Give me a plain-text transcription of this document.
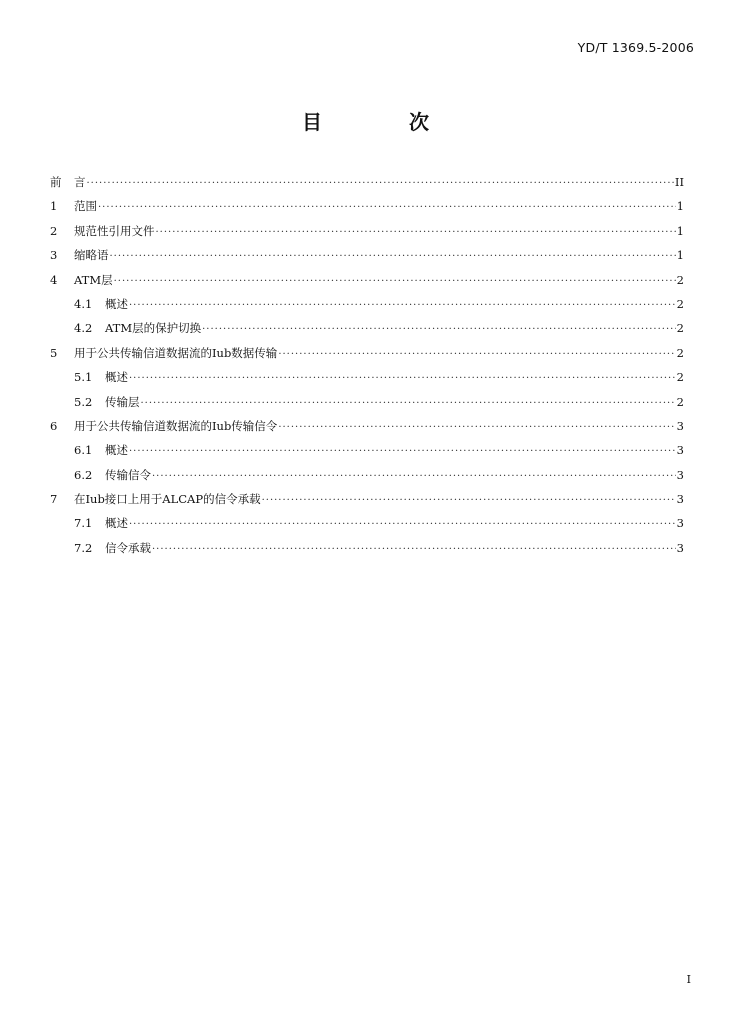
YD/T 1369.5-2006
目 次
前	言 ·····	II
1	范围 ·····	1
2	规范性引用文件 ·····	1
3	缩略语 ·····	1
4	ATM层 ·····	2
4.1	概述 ·····	2
4.2	ATM层的保护切换 ·····	2
5	用于公共传输信道数据流的Iub数据传输 ·····	2
5.1	概述 ·····	2
5.2	传输层 ·····	2
6	用于公共传输信道数据流的Iub传输信令 ·····	3
6.1	概述 ·····	3
6.2	传输信令 ·····	3
7	在Iub接口上用于ALCAP的信令承载 ·····	3
7.1	概述 ·····	3
7.2	信令承载 ·····	3
I
